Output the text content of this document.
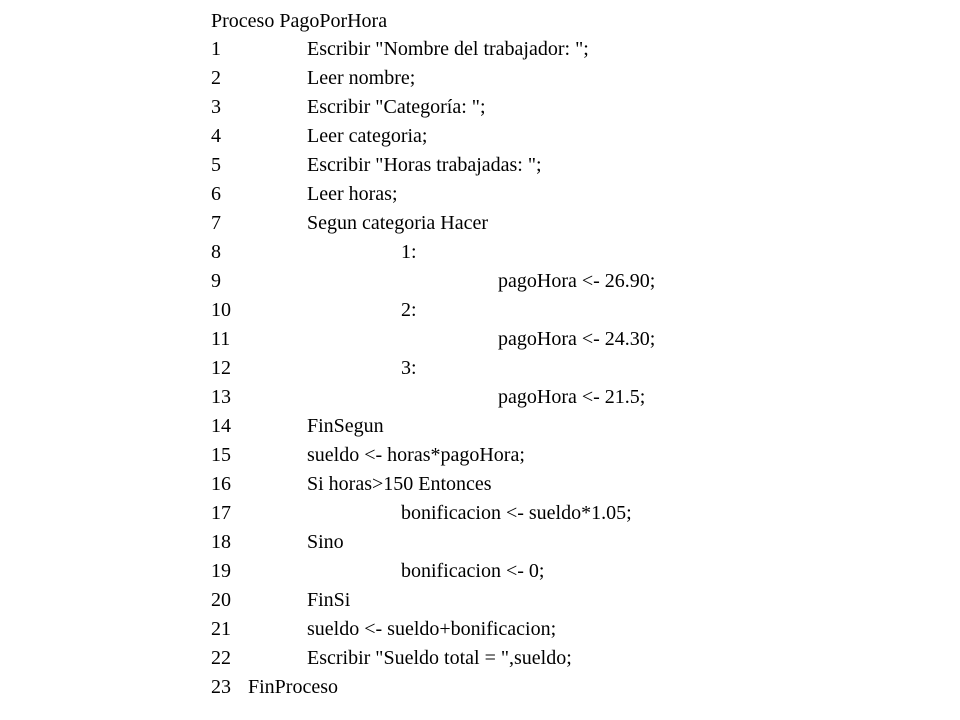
Proceso PagoPorHora
1	Escribir "Nombre del trabajador: ";
2	Leer nombre;
3	Escribir "Categoría: ";
4	Leer categoria;
5	Escribir "Horas trabajadas: ";
6	Leer horas;
7	Segun categoria Hacer
8	1:
9	pagoHora <- 26.90;
10	2:
11	pagoHora <- 24.30;
12	3:
13	pagoHora <- 21.5;
14	FinSegun
15	sueldo <- horas*pagoHora;
16	Si horas>150 Entonces
17	bonificacion <- sueldo*1.05;
18	Sino
19	bonificacion <- 0;
20	FinSi
21	sueldo <- sueldo+bonificacion;
22	Escribir "Sueldo total = ",sueldo;
23 FinProceso
